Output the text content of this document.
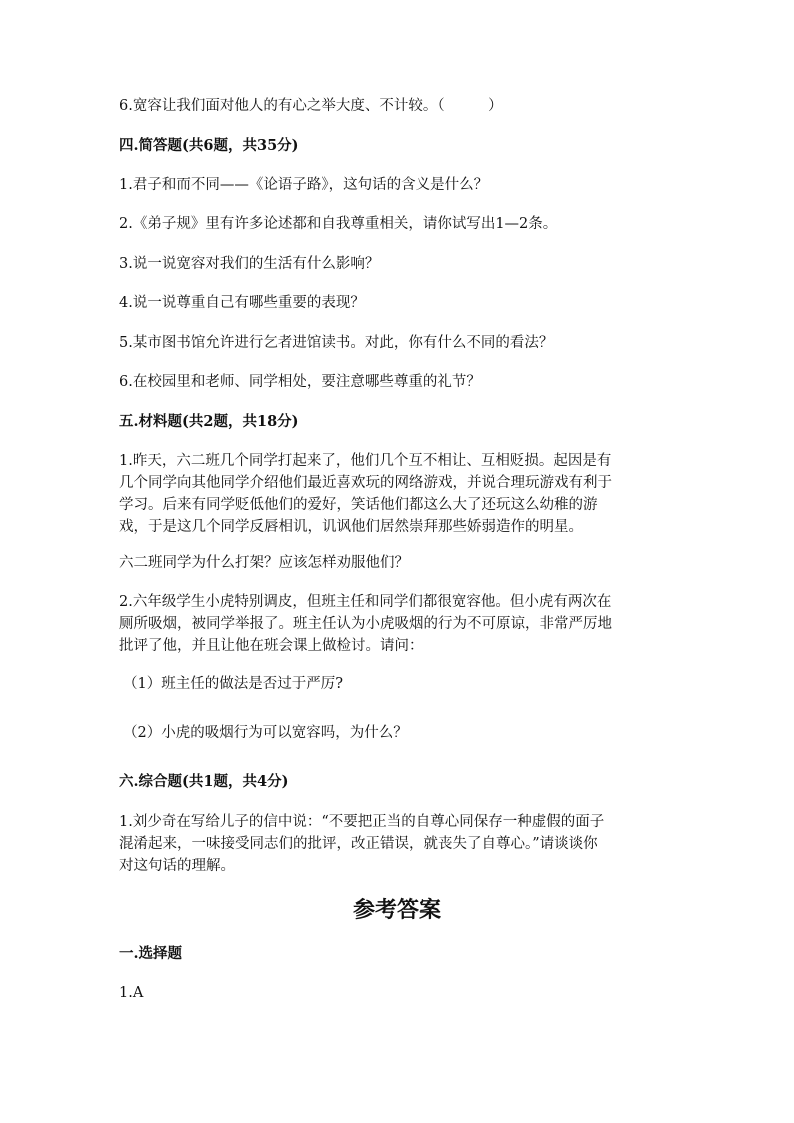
6.宽容让我们面对他人的有心之举大度、不计较。（　　　）
四.简答题(共6题，共35分)
1.君子和而不同——《论语子路》，这句话的含义是什么？
2.《弟子规》里有许多论述都和自我尊重相关，请你试写出1—2条。
3.说一说宽容对我们的生活有什么影响？
4.说一说尊重自己有哪些重要的表现？
5.某市图书馆允许进行乞者进馆读书。对此，你有什么不同的看法？
6.在校园里和老师、同学相处，要注意哪些尊重的礼节？
五.材料题(共2题，共18分)
1.昨天，六二班几个同学打起来了，他们几个互不相让、互相贬损。起因是有
几个同学向其他同学介绍他们最近喜欢玩的网络游戏，并说合理玩游戏有利于
学习。后来有同学贬低他们的爱好，笑话他们都这么大了还玩这么幼稚的游
戏，于是这几个同学反唇相讥，讥讽他们居然崇拜那些娇弱造作的明星。
六二班同学为什么打架？应该怎样劝服他们？
2.六年级学生小虎特别调皮，但班主任和同学们都很宽容他。但小虎有两次在
厕所吸烟，被同学举报了。班主任认为小虎吸烟的行为不可原谅，非常严厉地
批评了他，并且让他在班会课上做检讨。请问：
（1）班主任的做法是否过于严厉?
（2）小虎的吸烟行为可以宽容吗，为什么？
六.综合题(共1题，共4分)
1.刘少奇在写给儿子的信中说：“不要把正当的自尊心同保存一种虚假的面子
混淆起来，一味接受同志们的批评，改正错误，就丧失了自尊心。”请谈谈你
对这句话的理解。
参考答案
一.选择题
1.A
